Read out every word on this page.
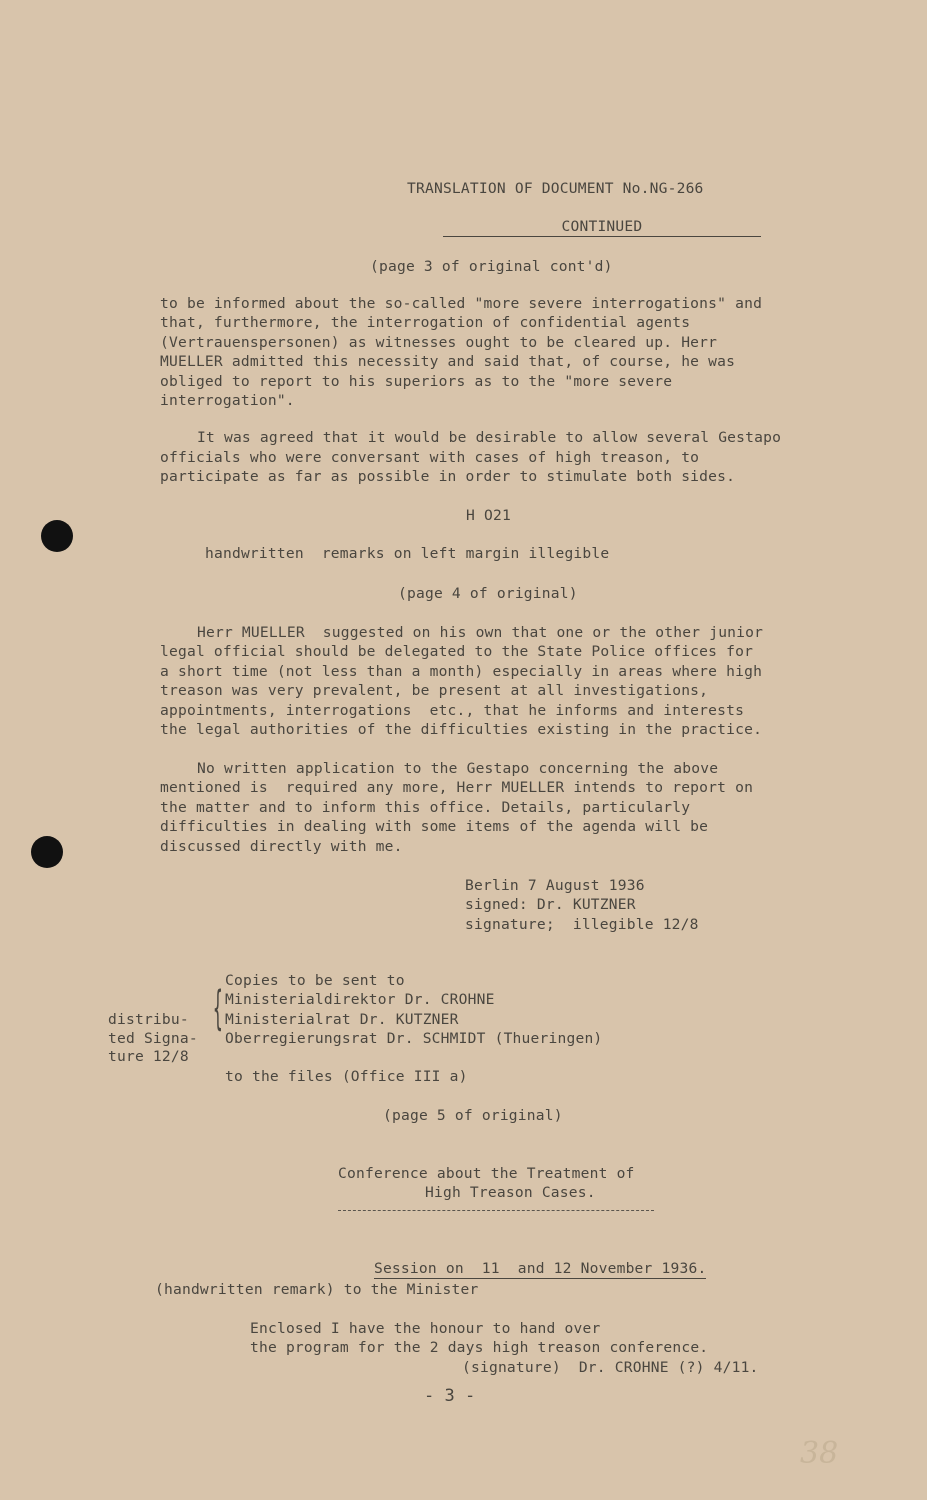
TRANSLATION OF DOCUMENT No.NG-266

CONTINUED

(page 3 of original cont'd)
to be informed about the so-called "more severe interrogations" and
that, furthermore, the interrogation of confidential agents
(Vertrauenspersonen) as witnesses ought to be cleared up. Herr
MUELLER admitted this necessity and said that, of course, he was
obliged to report to his superiors as to the "more severe
interrogation".
It was agreed that it would be desirable to allow several Gestapo
officials who were conversant with cases of high treason, to
participate as far as possible in order to stimulate both sides.
H O21
handwritten  remarks on left margin illegible
(page 4 of original)
Herr MUELLER  suggested on his own that one or the other junior
legal official should be delegated to the State Police offices for
a short time (not less than a month) especially in areas where high
treason was very prevalent, be present at all investigations,
appointments, interrogations  etc., that he informs and interests
the legal authorities of the difficulties existing in the practice.
No written application to the Gestapo concerning the above
mentioned is  required any more, Herr MUELLER intends to report on
the matter and to inform this office. Details, particularly
difficulties in dealing with some items of the agenda will be
discussed directly with me.
Berlin 7 August 1936
signed: Dr. KUTZNER
signature;  illegible 12/8
Copies to be sent to
Ministerialdirektor Dr. CROHNE
Ministerialrat Dr. KUTZNER
Oberregierungsrat Dr. SCHMIDT (Thueringen)
{
distribu-
ted Signa-
ture 12/8
to the files (Office III a)
(page 5 of original)
Conference about the Treatment of
High Treason Cases.

Session on  11  and 12 November 1936.

(handwritten remark) to the Minister
Enclosed I have the honour to hand over
the program for the 2 days high treason conference.
(signature)  Dr. CROHNE (?) 4/11.
- 3 -
38
